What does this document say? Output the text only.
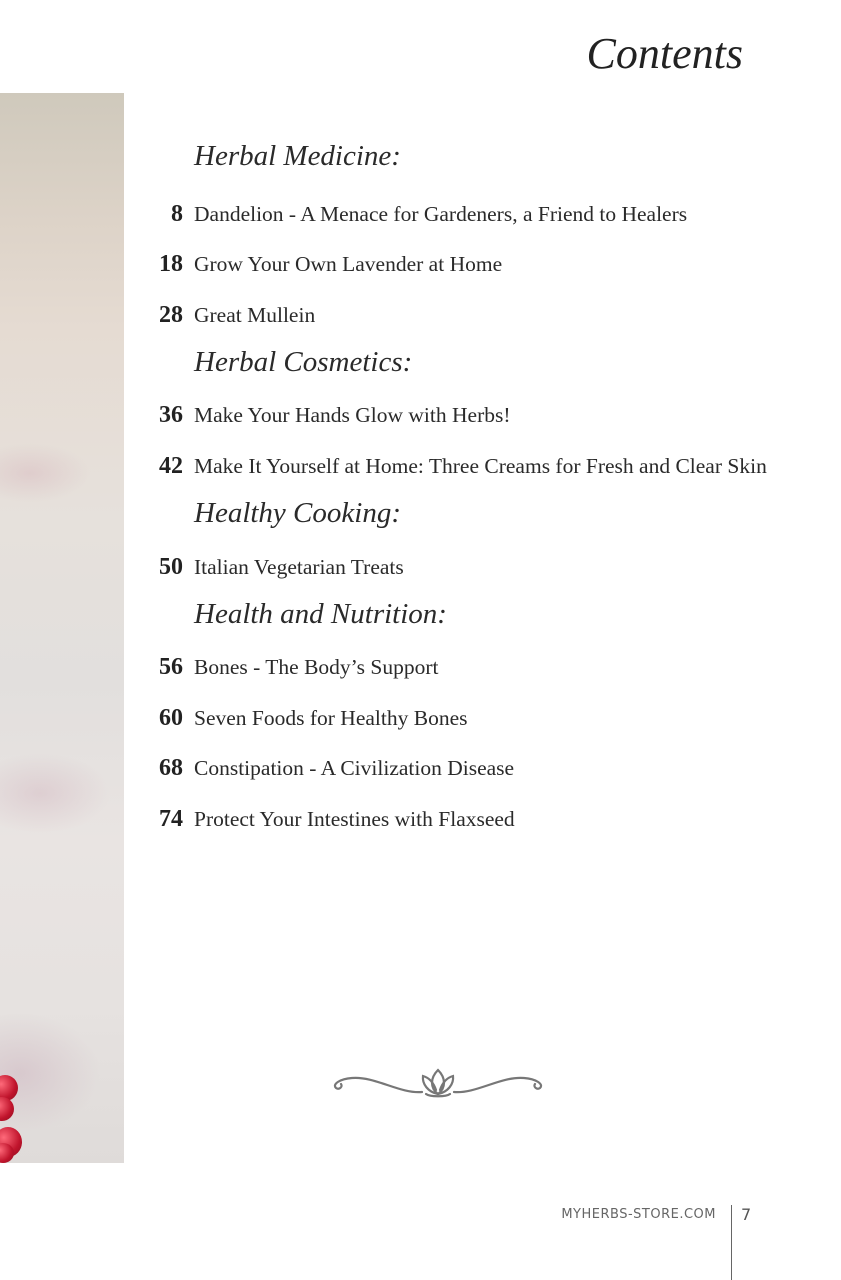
Contents
Herbal Medicine:
8 Dandelion - A Menace for Gardeners, a Friend to Healers
18 Grow Your Own Lavender at Home
28 Great Mullein
Herbal Cosmetics:
36 Make Your Hands Glow with Herbs!
42 Make It Yourself at Home: Three Creams for Fresh and Clear Skin
Healthy Cooking:
50 Italian Vegetarian Treats
Health and Nutrition:
56 Bones - The Body’s Support
60 Seven Foods for Healthy Bones
68 Constipation - A Civilization Disease
74 Protect Your Intestines with Flaxseed
MYHERBS-STORE.COM 7
